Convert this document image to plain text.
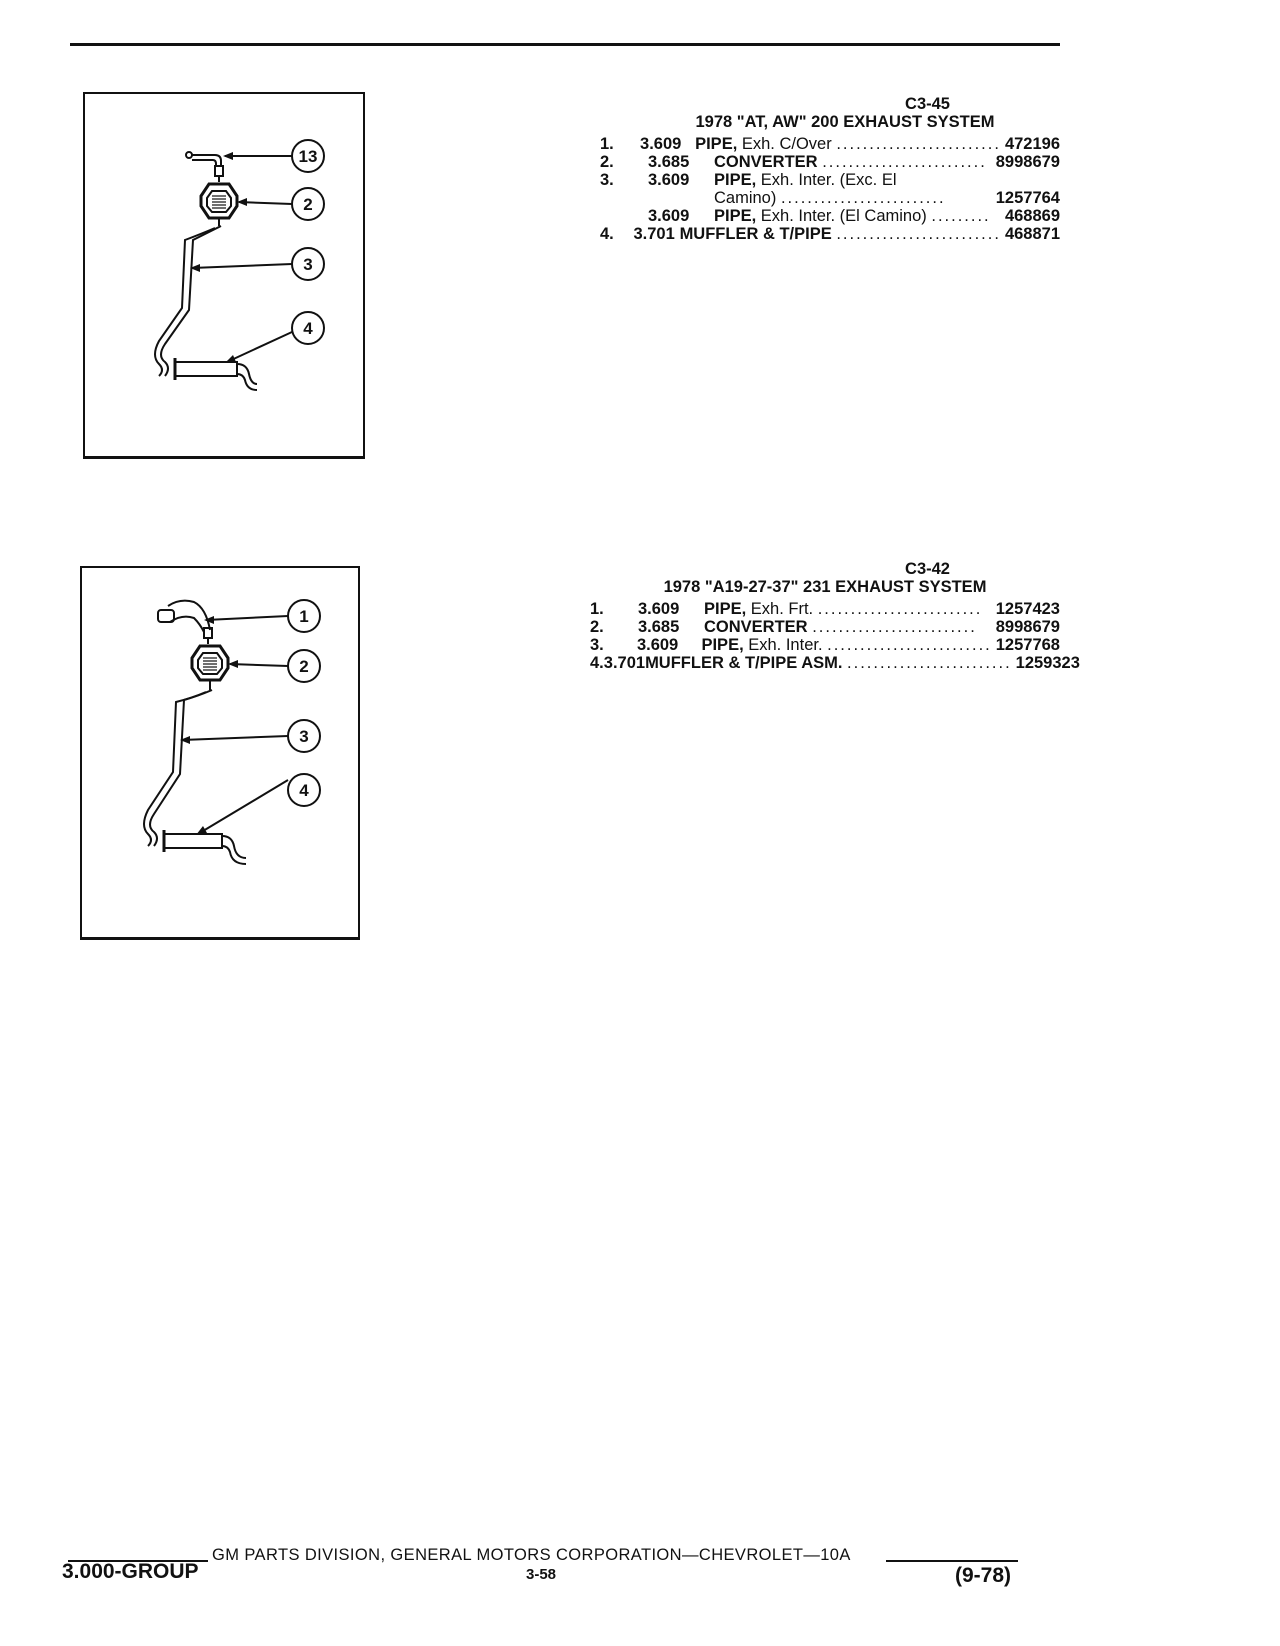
13
2
3
4
C3-45
1978 "AT, AW" 200 EXHAUST SYSTEM
1.	3.609 PIPE, Exh. C/Over ......................... 472196
2.	3.685	CONVERTER ......................... 8998679
3.	3.609	PIPE, Exh. Inter. (Exc. El
Camino) .........................	1257764
3.609	PIPE, Exh. Inter. (El Camino) ......... 468869
4.	3.701 MUFFLER & T/PIPE ......................... 468871
1
2
3
4
C3-42
1978 "A19-27-37" 231 EXHAUST SYSTEM
1.	3.609	PIPE, Exh. Frt. ......................... 1257423
2.	3.685	CONVERTER .........................	8998679
3.	3.609	PIPE, Exh. Inter. ......................... 1257768
4. 3.701 MUFFLER & T/PIPE ASM. ......................... 1259323
GM PARTS DIVISION, GENERAL MOTORS CORPORATION—CHEVROLET—10A
3.000-GROUP	3-58	(9-78)
